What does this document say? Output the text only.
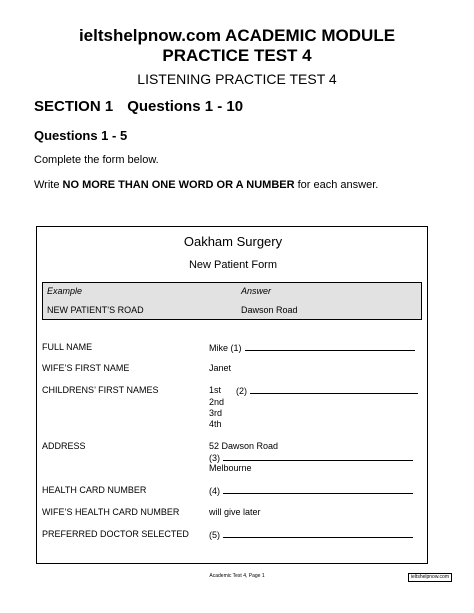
ieltshelpnow.com ACADEMIC MODULE
PRACTICE TEST 4
LISTENING PRACTICE TEST 4
SECTION 1 Questions 1 - 10
Questions 1 - 5
Complete the form below.
Write NO MORE THAN ONE WORD OR A NUMBER for each answer.
Oakham Surgery
New Patient Form
Example	Answer
NEW PATIENT’S ROAD	Dawson Road
FULL NAME	Mike (1)
WIFE’S FIRST NAME	Janet
CHILDRENS’ FIRST NAMES	1st (2)
2nd
3rd
4th
ADDRESS	52 Dawson Road
(3)
Melbourne
HEALTH CARD NUMBER	(4)
WIFE’S HEALTH CARD NUMBER	will give later
PREFERRED DOCTOR SELECTED (5)
Academic Test 4, Page 1	ieltshelpnow.com
